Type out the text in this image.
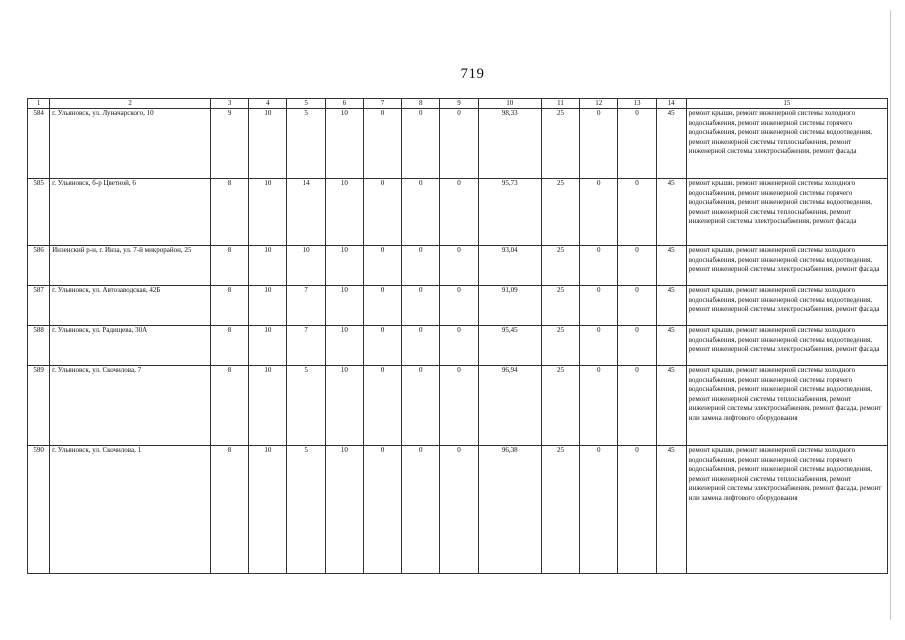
719
1	2	3	4	5	6	7	8	9	10	11	12	13	14	15
584	г. Ульяновск, ул. Луначарского, 10	9	10	5	10	0	0	0	98,33	25	0	0	45	ремонт крыши, ремонт инженерной системы холодного водоснабжения, ремонт инженерной системы горячего водоснабжения, ремонт инженерной системы водоотведения, ремонт инженерной системы теплоснабжения, ремонт инженерной системы электроснабжения, ремонт фасада
585	г. Ульяновск, б-р Цветной, 6	8	10	14	10	0	0	0	95,73	25	0	0	45	ремонт крыши, ремонт инженерной системы холодного водоснабжения, ремонт инженерной системы горячего водоснабжения, ремонт инженерной системы водоотведения, ремонт инженерной системы теплоснабжения, ремонт инженерной системы электроснабжения, ремонт фасада
586	Инзенский р-н, г. Инза, ул. 7-й микрорайон, 25	8	10	10	10	0	0	0	93,04	25	0	0	45	ремонт крыши, ремонт инженерной системы холодного водоснабжения, ремонт инженерной системы водоотведения, ремонт инженерной системы электроснабжения, ремонт фасада
587	г. Ульяновск, ул. Автозаводская, 42Б	8	10	7	10	0	0	0	91,09	25	0	0	45	ремонт крыши, ремонт инженерной системы холодного водоснабжения, ремонт инженерной системы водоотведения, ремонт инженерной системы электроснабжения, ремонт фасада
588	г. Ульяновск, ул. Радищева, 30А	8	10	7	10	0	0	0	95,45	25	0	0	45	ремонт крыши, ремонт инженерной системы холодного водоснабжения, ремонт инженерной системы водоотведения, ремонт инженерной системы электроснабжения, ремонт фасада
589	г. Ульяновск, ул. Скочилова, 7	8	10	5	10	0	0	0	96,94	25	0	0	45	ремонт крыши, ремонт инженерной системы холодного водоснабжения, ремонт инженерной системы горячего водоснабжения, ремонт инженерной системы водоотведения, ремонт инженерной системы теплоснабжения, ремонт инженерной системы электроснабжения, ремонт фасада, ремонт или замена лифтового оборудования
590	г. Ульяновск, ул. Скочилова, 1	8	10	5	10	0	0	0	96,38	25	0	0	45	ремонт крыши, ремонт инженерной системы холодного водоснабжения, ремонт инженерной системы горячего водоснабжения, ремонт инженерной системы водоотведения, ремонт инженерной системы теплоснабжения, ремонт инженерной системы электроснабжения, ремонт фасада, ремонт или замена лифтового оборудования
